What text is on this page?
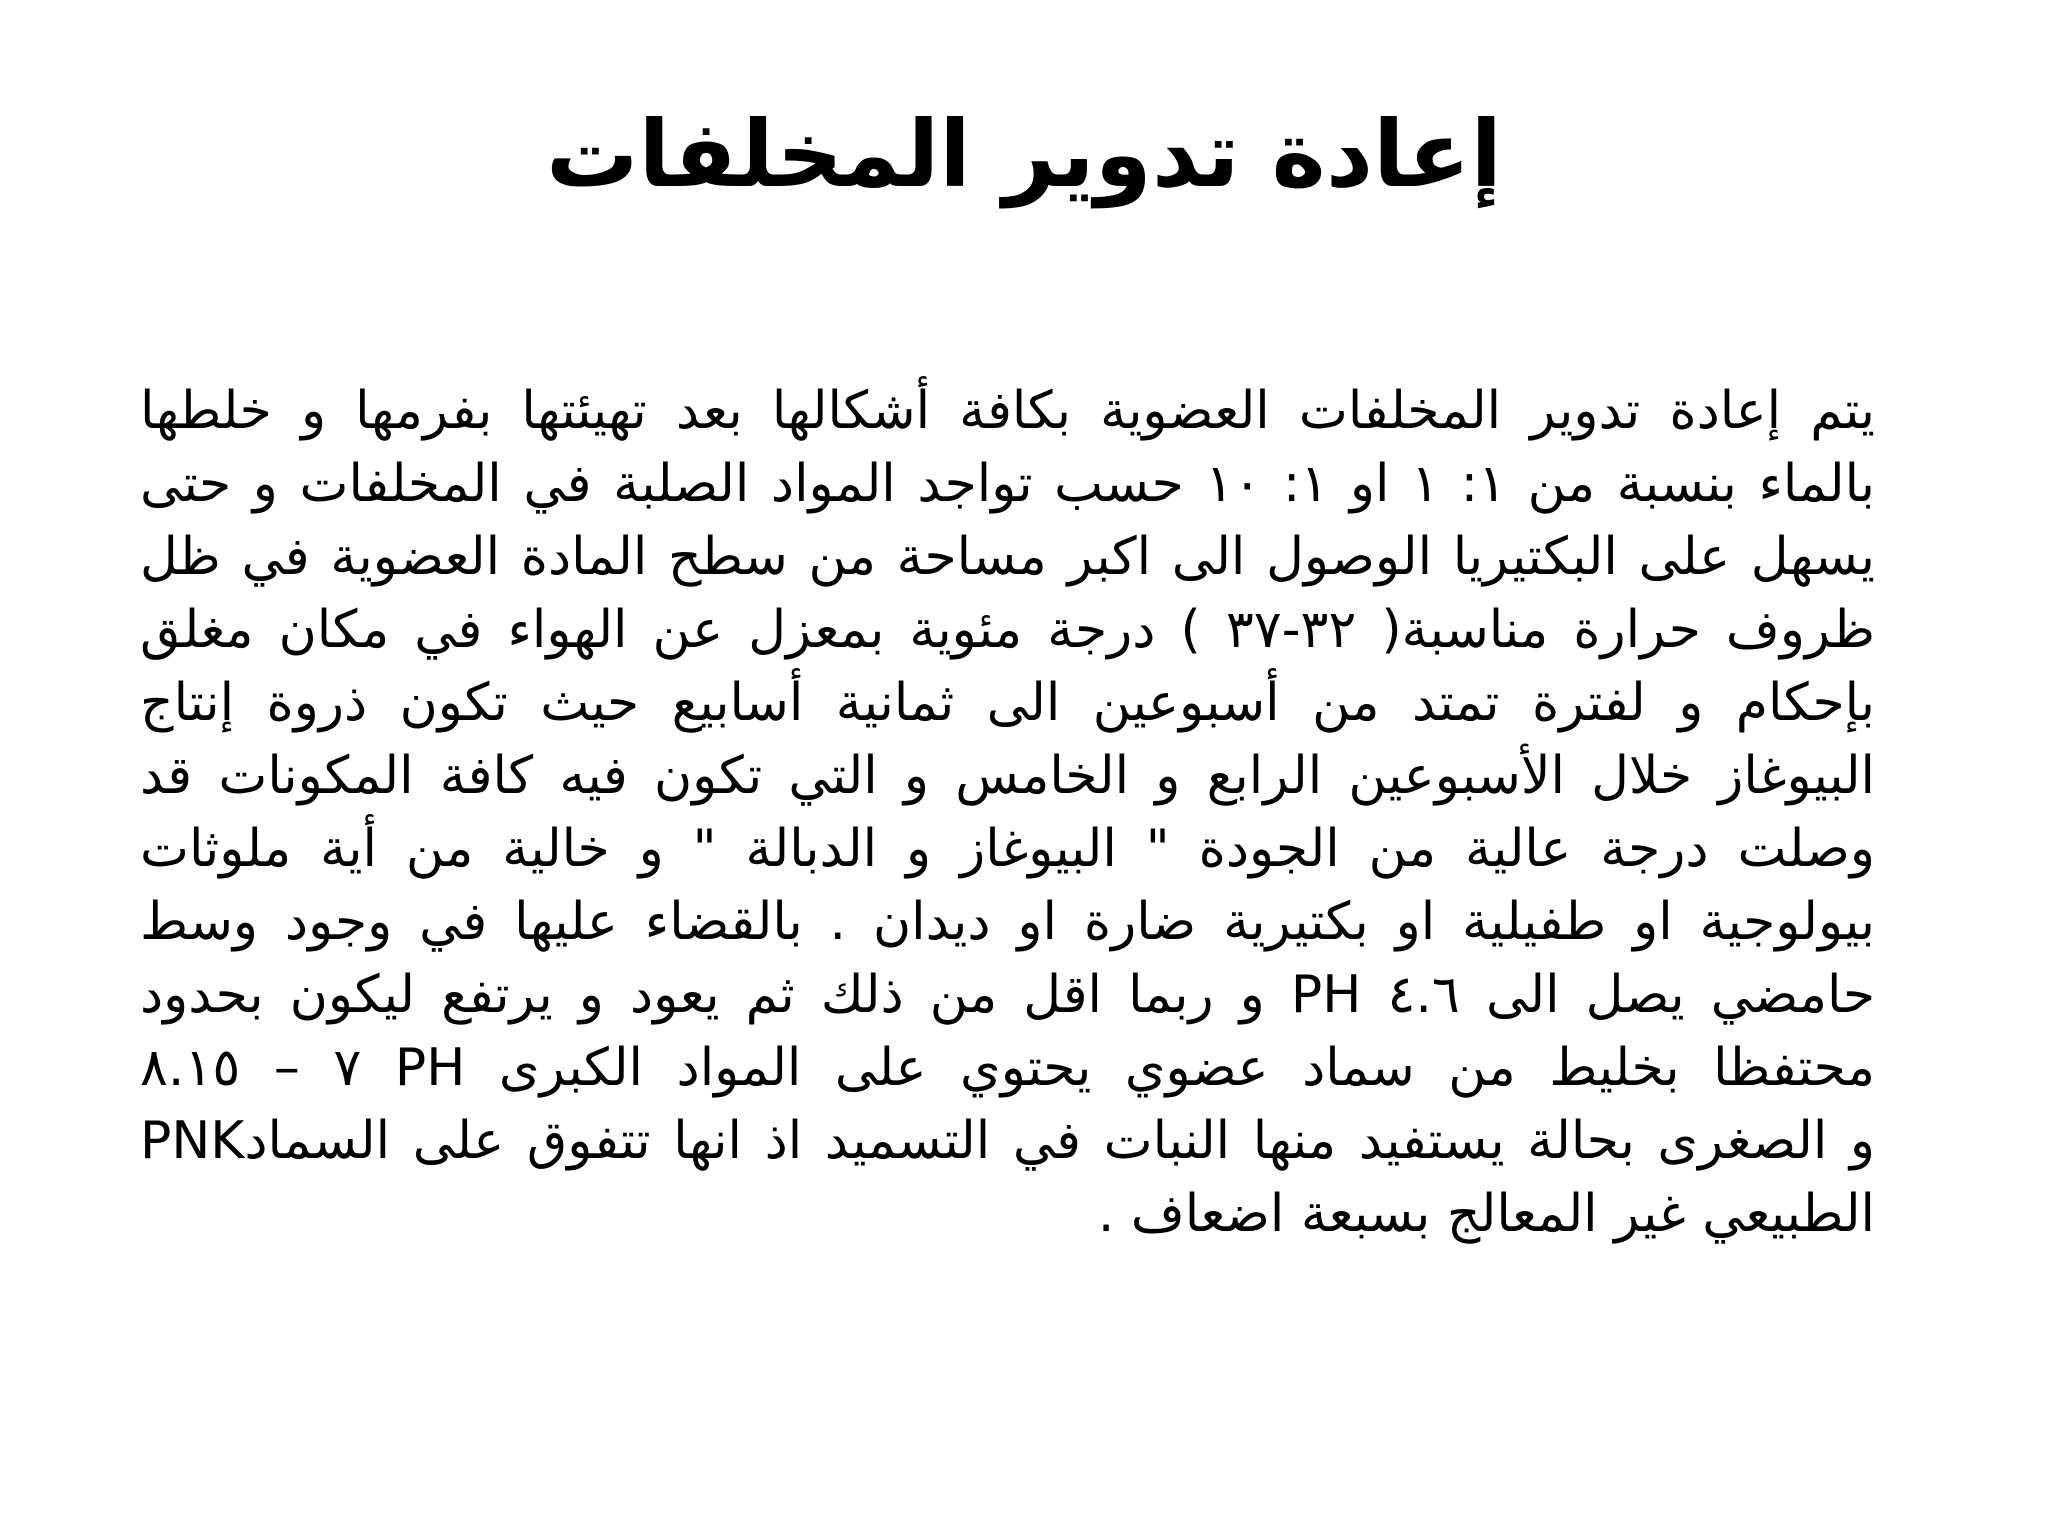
إعادة تدوير المخلفات
يتم إعادة تدوير المخلفات العضوية بكافة أشكالها بعد تهيئتها بفرمها و خلطها
بالماء بنسبة من ١: ١ او ١: ١٠ حسب تواجد المواد الصلبة في المخلفات و حتى
يسهل على البكتيريا الوصول الى اكبر مساحة من سطح المادة العضوية في ظل
ظروف حرارة مناسبة( ٣٢-٣٧ ) درجة مئوية بمعزل عن الهواء في مكان مغلق
بإحكام و لفترة تمتد من أسبوعين الى ثمانية أسابيع حيث تكون ذروة إنتاج
البيوغاز خلال الأسبوعين الرابع و الخامس و التي تكون فيه كافة المكونات قد
وصلت درجة عالية من الجودة " البيوغاز و الدبالة " و خالية من أية ملوثات
بيولوجية او طفيلية او بكتيرية ضارة او ديدان . بالقضاء عليها في وجود وسط
حامضي يصل الى ٤.٦ PH و ربما اقل من ذلك ثم يعود و يرتفع ليكون بحدود
٧ – ٨.١٥ PH محتفظا بخليط من سماد عضوي يحتوي على المواد الكبرى
PNKو الصغرى بحالة يستفيد منها النبات في التسميد اذ انها تتفوق على السماد
الطبيعي غير المعالج بسبعة اضعاف .
